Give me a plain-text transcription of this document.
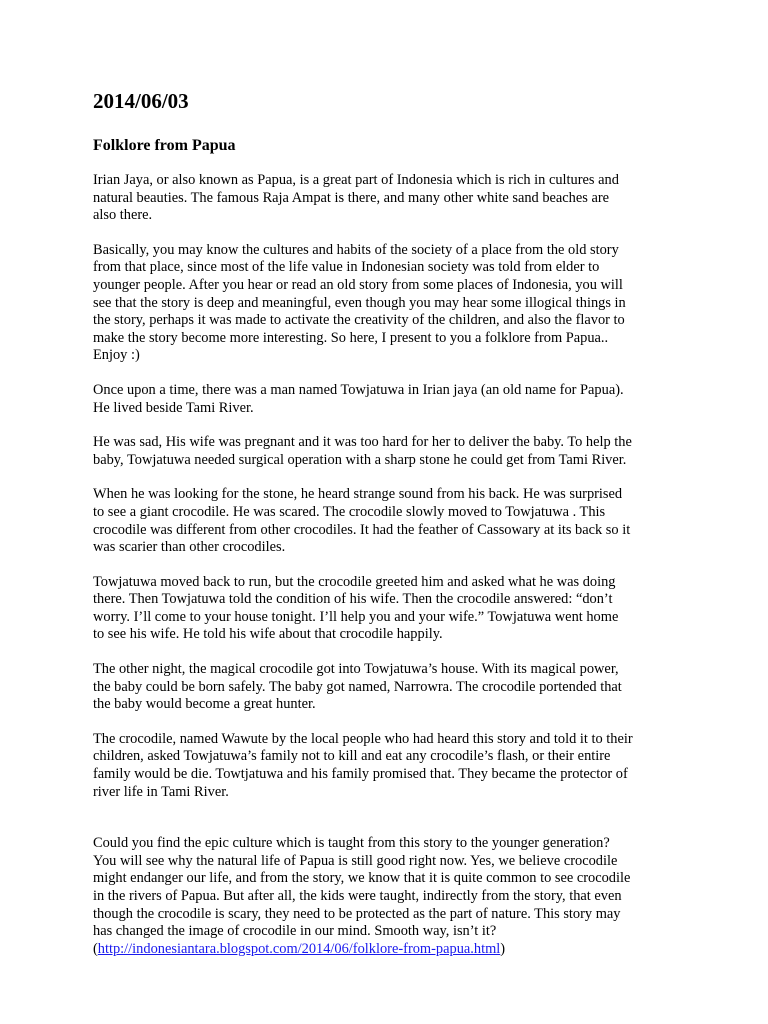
2014/06/03
Folklore from Papua

Irian Jaya, or also known as Papua, is a great part of Indonesia which is rich in cultures and
natural beauties. The famous Raja Ampat is there, and many other white sand beaches are
also there.

Basically, you may know the cultures and habits of the society of a place from the old story
from that place, since most of the life value in Indonesian society was told from elder to
younger people. After you hear or read an old story from some places of Indonesia, you will
see that the story is deep and meaningful, even though you may hear some illogical things in
the story, perhaps it was made to activate the creativity of the children, and also the flavor to
make the story become more interesting. So here, I present to you a folklore from Papua..
Enjoy :)

Once upon a time, there was a man named Towjatuwa in Irian jaya (an old name for Papua).
He lived beside Tami River.

He was sad, His wife was pregnant and it was too hard for her to deliver the baby. To help the
baby, Towjatuwa needed surgical operation with a sharp stone he could get from Tami River.

When he was looking for the stone, he heard strange sound from his back. He was surprised
to see a giant crocodile. He was scared. The crocodile slowly moved to Towjatuwa . This
crocodile was different from other crocodiles. It had the feather of Cassowary at its back so it
was scarier than other crocodiles.

Towjatuwa moved back to run, but the crocodile greeted him and asked what he was doing
there. Then Towjatuwa told the condition of his wife. Then the crocodile answered: “don’t
worry. I’ll come to your house tonight. I’ll help you and your wife.” Towjatuwa went home
to see his wife. He told his wife about that crocodile happily.

The other night, the magical crocodile got into Towjatuwa’s house. With its magical power,
the baby could be born safely. The baby got named, Narrowra. The crocodile portended that
the baby would become a great hunter.

The crocodile, named Wawute by the local people who had heard this story and told it to their
children, asked Towjatuwa’s family not to kill and eat any crocodile’s flash, or their entire
family would be die. Towtjatuwa and his family promised that. They became the protector of
river life in Tami River.

Could you find the epic culture which is taught from this story to the younger generation?
You will see why the natural life of Papua is still good right now. Yes, we believe crocodile
might endanger our life, and from the story, we know that it is quite common to see crocodile
in the rivers of Papua. But after all, the kids were taught, indirectly from the story, that even
though the crocodile is scary, they need to be protected as the part of nature. This story may
has changed the image of crocodile in our mind. Smooth way, isn’t it?

(http://indonesiantara.blogspot.com/2014/06/folklore-from-papua.html)
